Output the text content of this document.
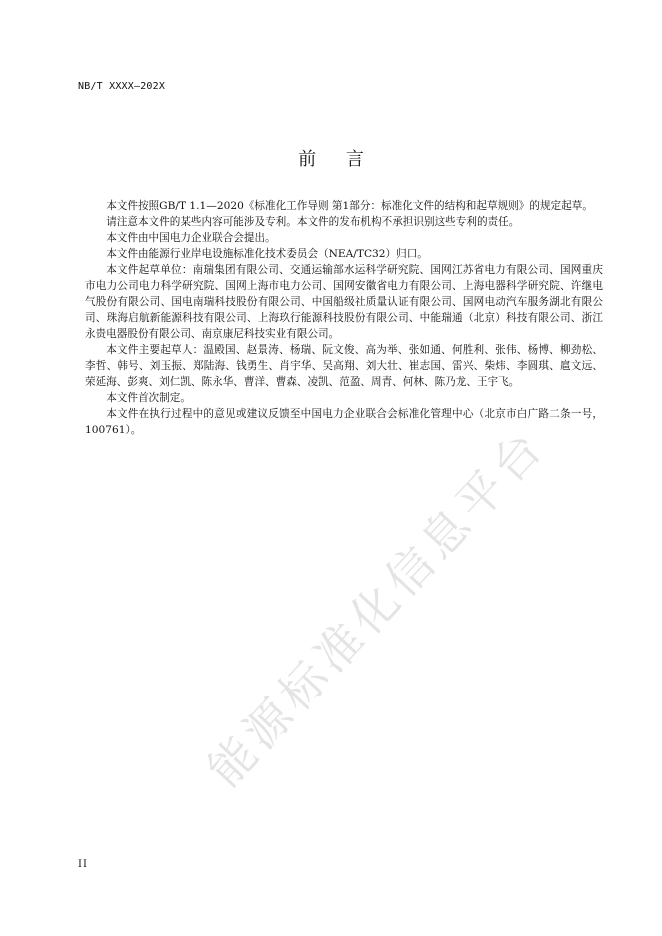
NB/T XXXX—202X
前 言

本文件按照GB/T 1.1—2020《标准化工作导则 第1部分：标准化文件的结构和起草规则》的规定起草。

请注意本文件的某些内容可能涉及专利。本文件的发布机构不承担识别这些专利的责任。

本文件由中国电力企业联合会提出。

本文件由能源行业岸电设施标准化技术委员会（NEA/TC32）归口。

本文件起草单位：南瑞集团有限公司、交通运输部水运科学研究院、国网江苏省电力有限公司、国网重庆市电力公司电力科学研究院、国网上海市电力公司、国网安徽省电力有限公司、上海电器科学研究院、许继电气股份有限公司、国电南瑞科技股份有限公司、中国船级社质量认证有限公司、国网电动汽车服务湖北有限公司、珠海启航新能源科技有限公司、上海玖行能源科技股份有限公司、中能瑞通（北京）科技有限公司、浙江永贵电器股份有限公司、南京康尼科技实业有限公司。

本文件主要起草人：温殿国、赵景涛、杨瑞、阮文俊、高为举、张如通、何胜利、张伟、杨博、柳劲松、李哲、韩号、刘玉振、郑陆海、钱勇生、肖宇华、吴高翔、刘大壮、崔志国、雷兴、柴炜、李圆琪、扈文远、荣延海、彭爽、刘仁凯、陈永华、曹洋、曹森、凌凯、范盈、周青、何林、陈乃龙、王宇飞。

本文件首次制定。

本文件在执行过程中的意见或建议反馈至中国电力企业联合会标准化管理中心（北京市白广路二条一号，100761）。	能源标准化信息平台
II
